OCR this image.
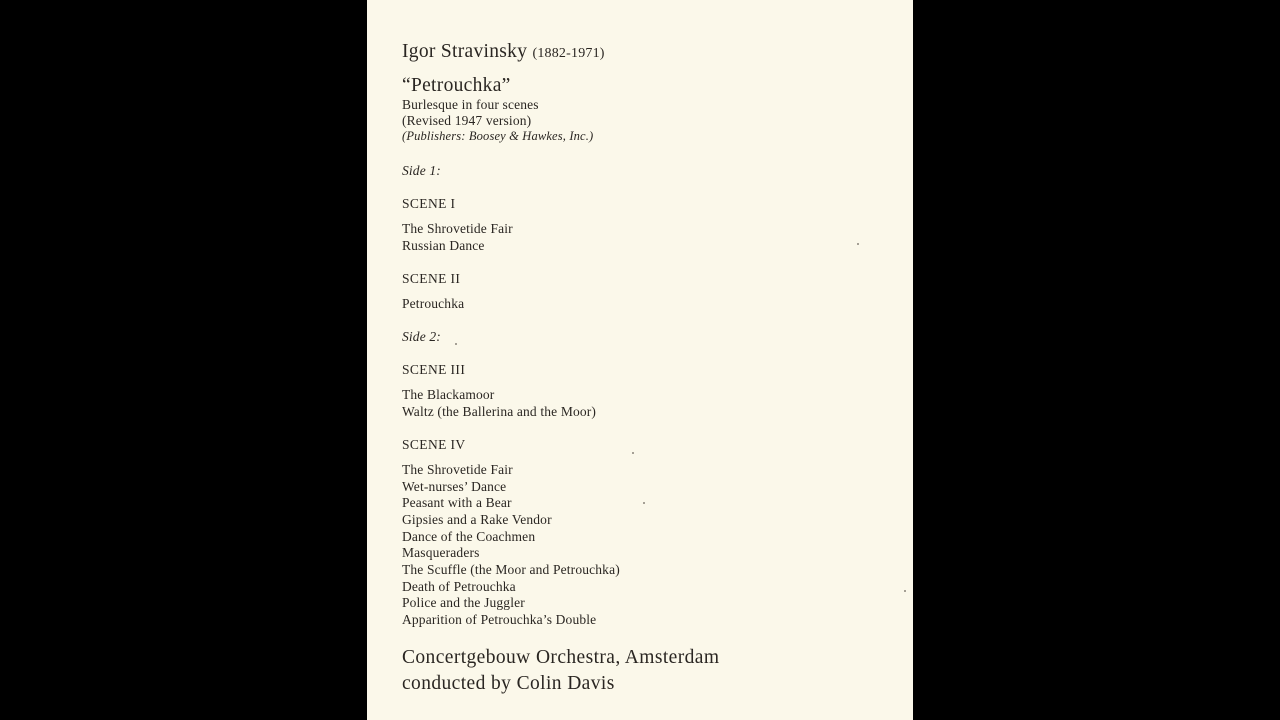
Igor Stravinsky (1882-1971)
“Petrouchka”
Burlesque in four scenes
(Revised 1947 version)
(Publishers: Boosey & Hawkes, Inc.)
Side 1:
SCENE I
The Shrovetide Fair
Russian Dance
SCENE II
Petrouchka
Side 2:
SCENE III
The Blackamoor
Waltz (the Ballerina and the Moor)
SCENE IV
The Shrovetide Fair
Wet-nurses’ Dance
Peasant with a Bear
Gipsies and a Rake Vendor
Dance of the Coachmen
Masqueraders
The Scuffle (the Moor and Petrouchka)
Death of Petrouchka
Police and the Juggler
Apparition of Petrouchka’s Double
Concertgebouw Orchestra, Amsterdam
conducted by Colin Davis
